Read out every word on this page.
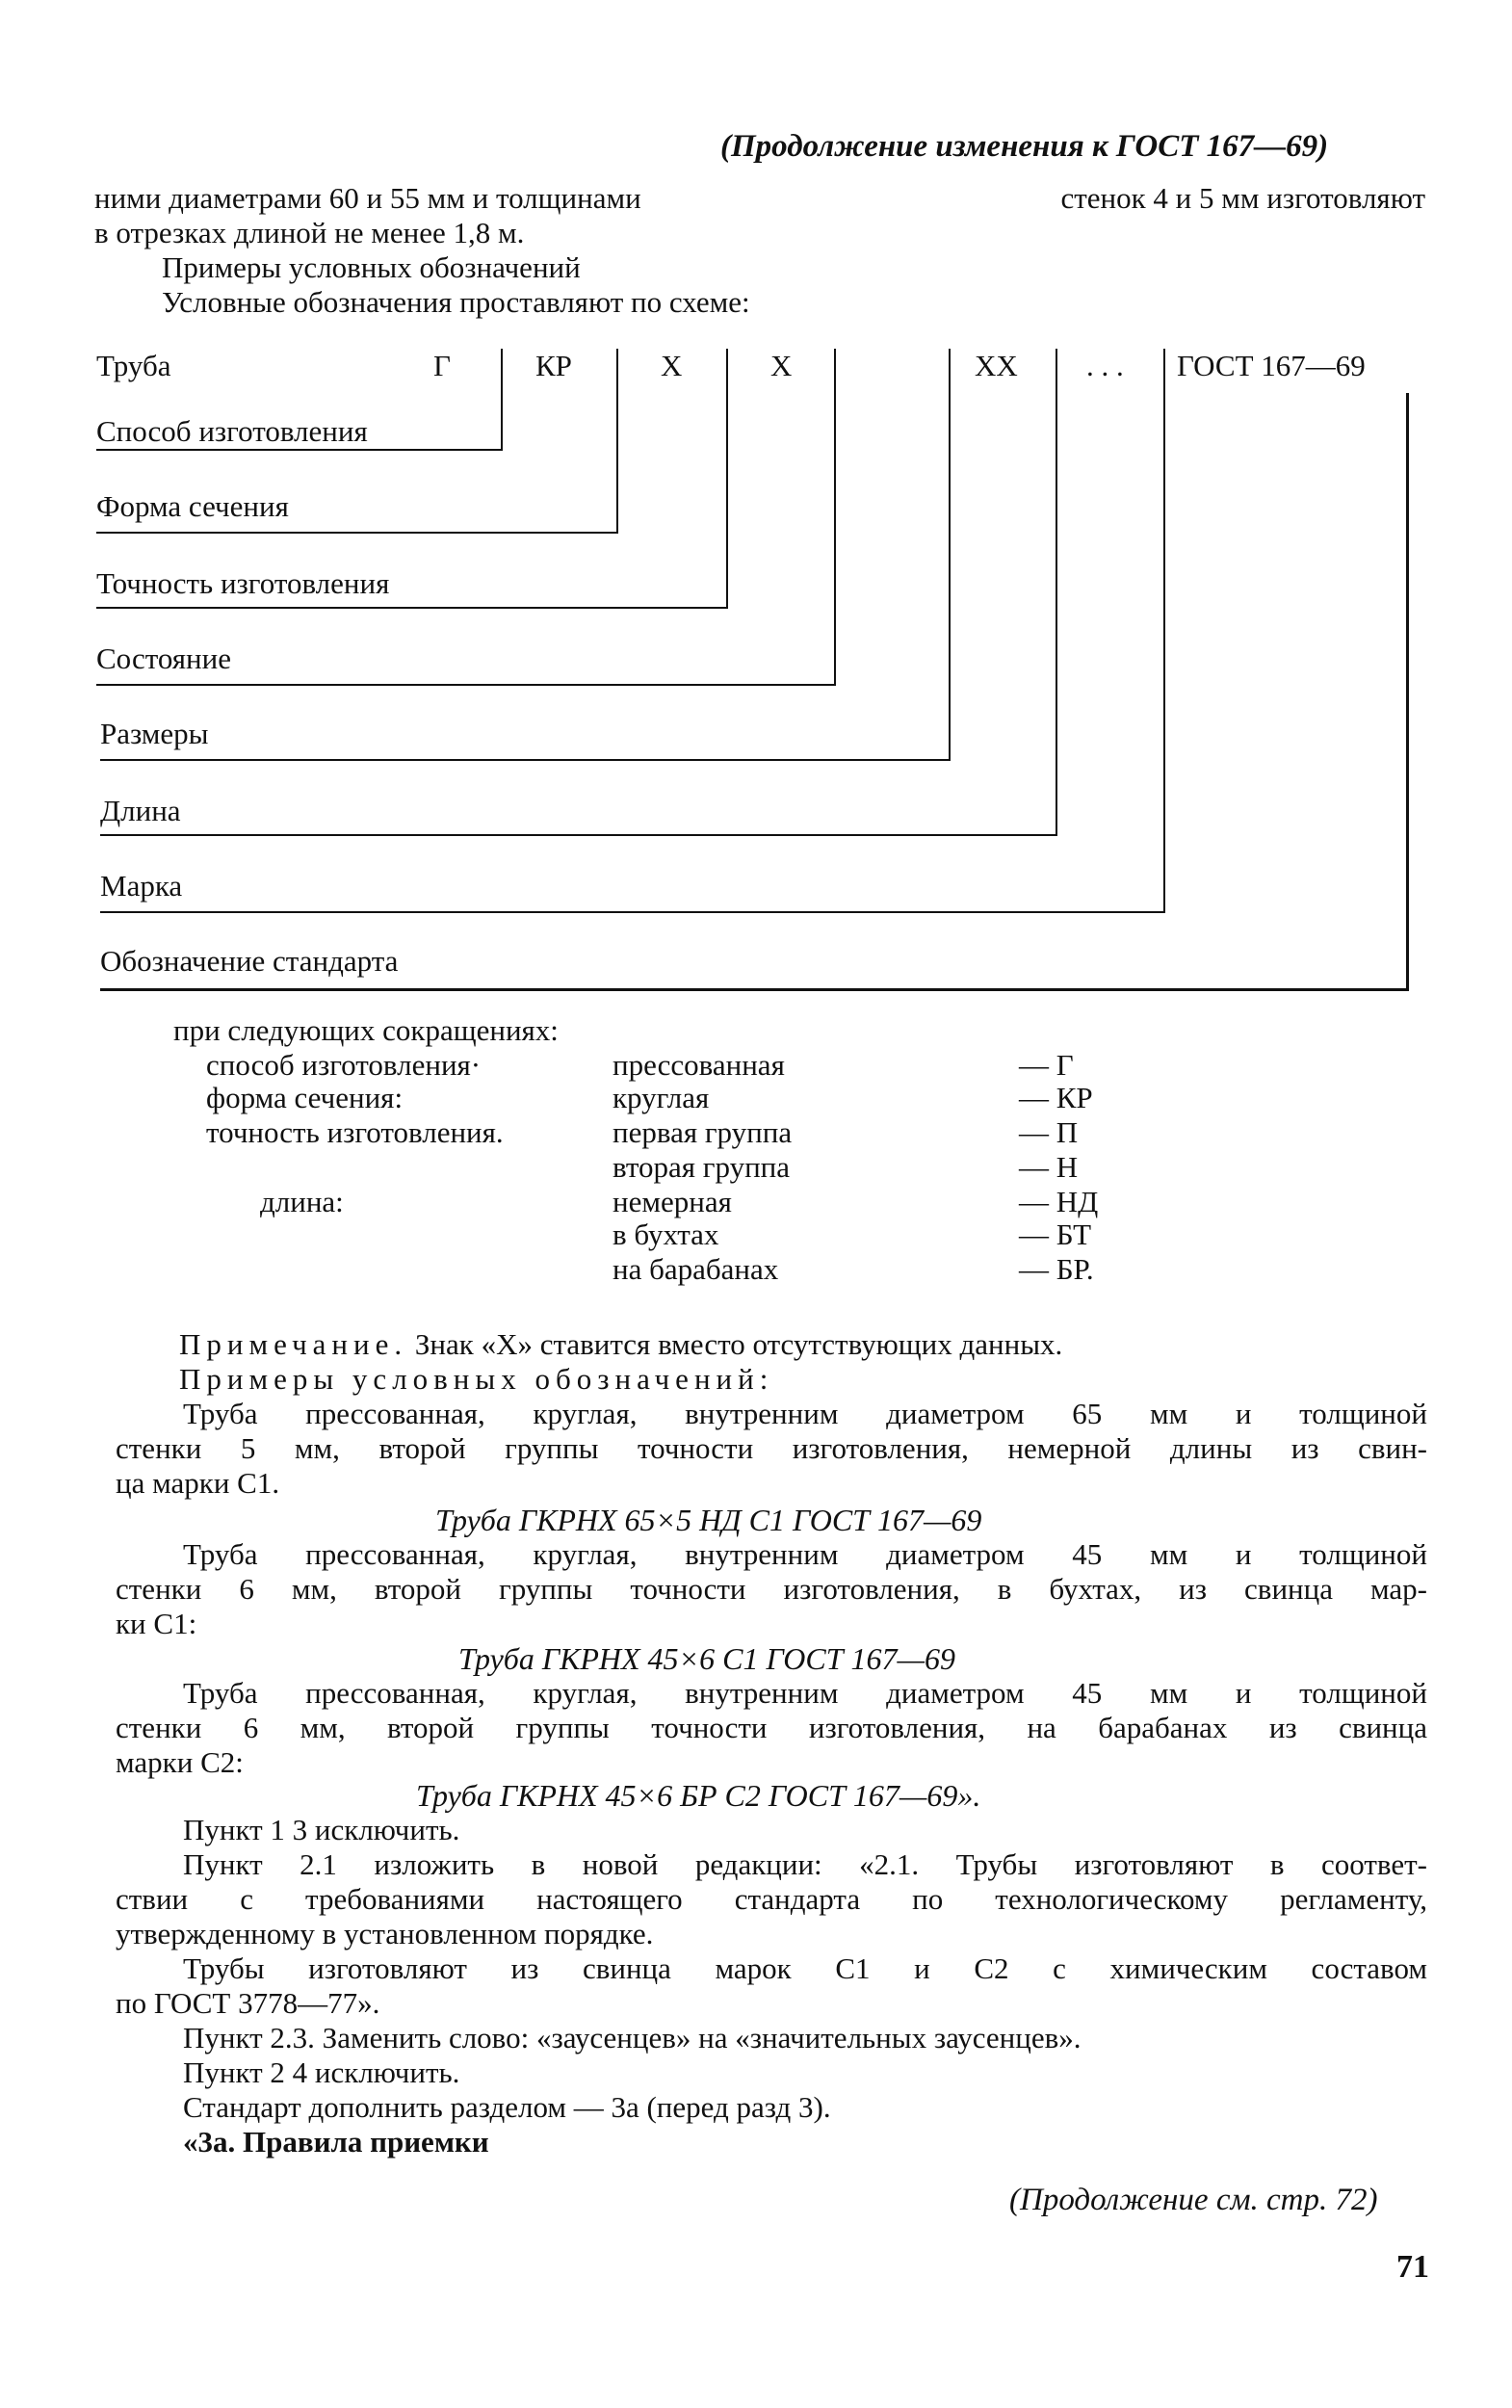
(Продолжение изменения к ГОСТ 167—69)
ними диаметрами 60 и 55 мм и толщинами	стенок 4 и 5 мм изготовляют
в отрезках длиной не менее 1,8 м.
Примеры условных обозначений
Условные обозначения проставляют по схеме:
Труба	Г	КР	X	X	XX . . . ГОСТ 167—69
Способ изготовления
Форма сечения
Точность изготовления
Состояние
Размеры
Длина
Марка
Обозначение стандарта
при следующих сокращениях:
способ изготовления·	прессованная	— Г
форма сечения:	круглая	— КР
точность изготовления.	первая группа	— П
вторая группа	— Н
длина:	немерная	— НД
в бухтах	— БТ
на барабанах	— БР.
Примечание. Знак «X» ставится вместо отсутствующих данных.
Примеры условных обозначений:
Труба прессованная, круглая, внутренним диаметром 65 мм и толщиной
стенки 5 мм, второй группы точности изготовления, немерной длины из свин-
ца марки С1.
Труба ГКРНХ 65×5 НД С1 ГОСТ 167—69
Труба прессованная, круглая, внутренним диаметром 45 мм и толщиной
стенки 6 мм, второй группы точности изготовления, в бухтах, из свинца мар-
ки С1:
Труба ГКРНХ 45×6 С1 ГОСТ 167—69
Труба прессованная, круглая, внутренним диаметром 45 мм и толщиной
стенки 6 мм, второй группы точности изготовления, на барабанах из свинца
марки С2:
Труба ГКРНХ 45×6 БР С2 ГОСТ 167—69».
Пункт 1 3 исключить.
Пункт 2.1 изложить в новой редакции: «2.1. Трубы изготовляют в соответ-
ствии с требованиями настоящего стандарта по технологическому регламенту,
утвержденному в установленном порядке.
Трубы изготовляют из свинца марок С1 и С2 с химическим составом
по ГОСТ 3778—77».
Пункт 2.3. Заменить слово: «заусенцев» на «значительных заусенцев».
Пункт 2 4 исключить.
Стандарт дополнить разделом — 3а (перед разд 3).
«3а. Правила приемки
(Продолжение см. стр. 72)
71
